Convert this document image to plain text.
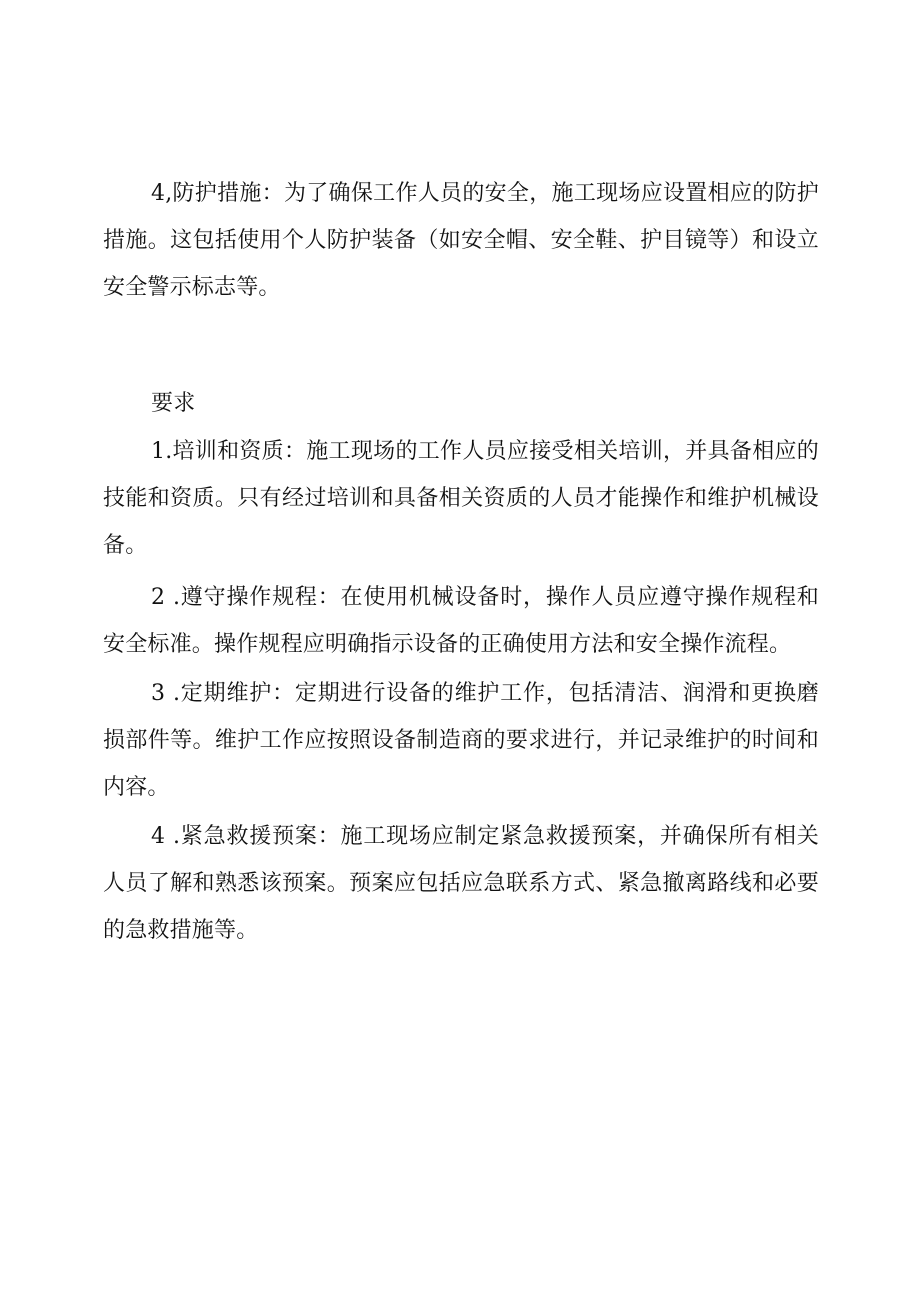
4,防护措施：为了确保工作人员的安全，施工现场应设置相应的防护措施。这包括使用个人防护装备（如安全帽、安全鞋、护目镜等）和设立安全警示标志等。

要求

1.培训和资质：施工现场的工作人员应接受相关培训，并具备相应的技能和资质。只有经过培训和具备相关资质的人员才能操作和维护机械设备。

2 .遵守操作规程：在使用机械设备时，操作人员应遵守操作规程和安全标准。操作规程应明确指示设备的正确使用方法和安全操作流程。

3 .定期维护：定期进行设备的维护工作，包括清洁、润滑和更换磨损部件等。维护工作应按照设备制造商的要求进行，并记录维护的时间和内容。

4 .紧急救援预案：施工现场应制定紧急救援预案，并确保所有相关人员了解和熟悉该预案。预案应包括应急联系方式、紧急撤离路线和必要的急救措施等。
